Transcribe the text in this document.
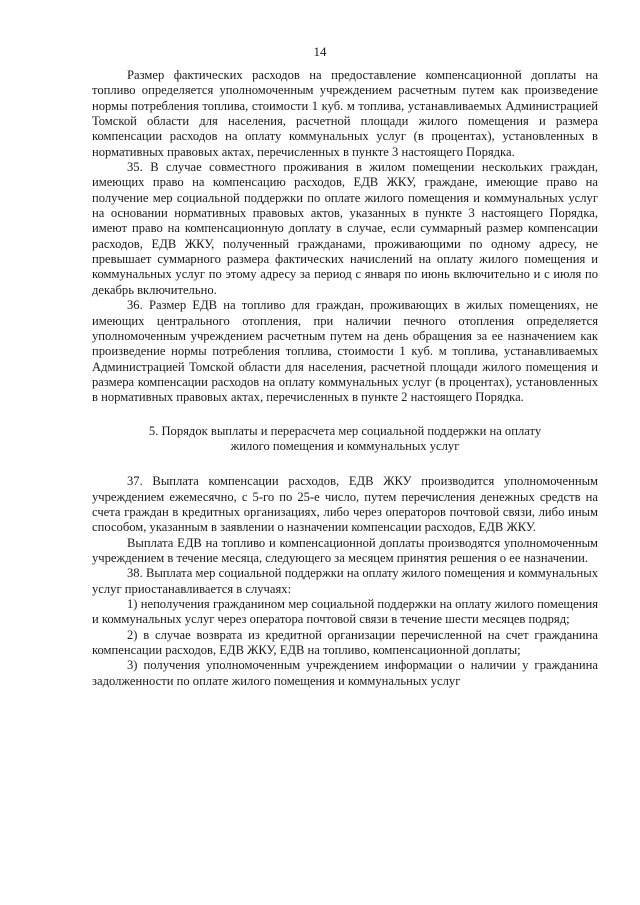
14

Размер фактических расходов на предоставление компенсационной доплаты на топливо определяется уполномоченным учреждением расчетным путем как произведение нормы потребления топлива, стоимости 1 куб. м топлива, устанавливаемых Администрацией Томской области для населения, расчетной площади жилого помещения и размера компенсации расходов на оплату коммунальных услуг (в процентах), установленных в нормативных правовых актах, перечисленных в пункте 3 настоящего Порядка.

35. В случае совместного проживания в жилом помещении нескольких граждан, имеющих право на компенсацию расходов, ЕДВ ЖКУ, граждане, имеющие право на получение мер социальной поддержки по оплате жилого помещения и коммунальных услуг на основании нормативных правовых актов, указанных в пункте 3 настоящего Порядка, имеют право на компенсационную доплату в случае, если суммарный размер компенсации расходов, ЕДВ ЖКУ, полученный гражданами, проживающими по одному адресу, не превышает суммарного размера фактических начислений на оплату жилого помещения и коммунальных услуг по этому адресу за период с января по июнь включительно и с июля по декабрь включительно.

36. Размер ЕДВ на топливо для граждан, проживающих в жилых помещениях, не имеющих центрального отопления, при наличии печного отопления определяется уполномоченным учреждением расчетным путем на день обращения за ее назначением как произведение нормы потребления топлива, стоимости 1 куб. м топлива, устанавливаемых Администрацией Томской области для населения, расчетной площади жилого помещения и размера компенсации расходов на оплату коммунальных услуг (в процентах), установленных в нормативных правовых актах, перечисленных в пункте 2 настоящего Порядка.

5. Порядок выплаты и перерасчета мер социальной поддержки на оплату
жилого помещения и коммунальных услуг

37. Выплата компенсации расходов, ЕДВ ЖКУ производится уполномоченным учреждением ежемесячно, с 5-го по 25-е число, путем перечисления денежных средств на счета граждан в кредитных организациях, либо через операторов почтовой связи, либо иным способом, указанным в заявлении о назначении компенсации расходов, ЕДВ ЖКУ.

Выплата ЕДВ на топливо и компенсационной доплаты производятся уполномоченным учреждением в течение месяца, следующего за месяцем принятия решения о ее назначении.

38. Выплата мер социальной поддержки на оплату жилого помещения и коммунальных услуг приостанавливается в случаях:

1) неполучения гражданином мер социальной поддержки на оплату жилого помещения и коммунальных услуг через оператора почтовой связи в течение шести месяцев подряд;

2) в случае возврата из кредитной организации перечисленной на счет гражданина компенсации расходов, ЕДВ ЖКУ, ЕДВ на топливо, компенсационной доплаты;

3) получения уполномоченным учреждением информации о наличии у гражданина задолженности по оплате жилого помещения и коммунальных услуг
